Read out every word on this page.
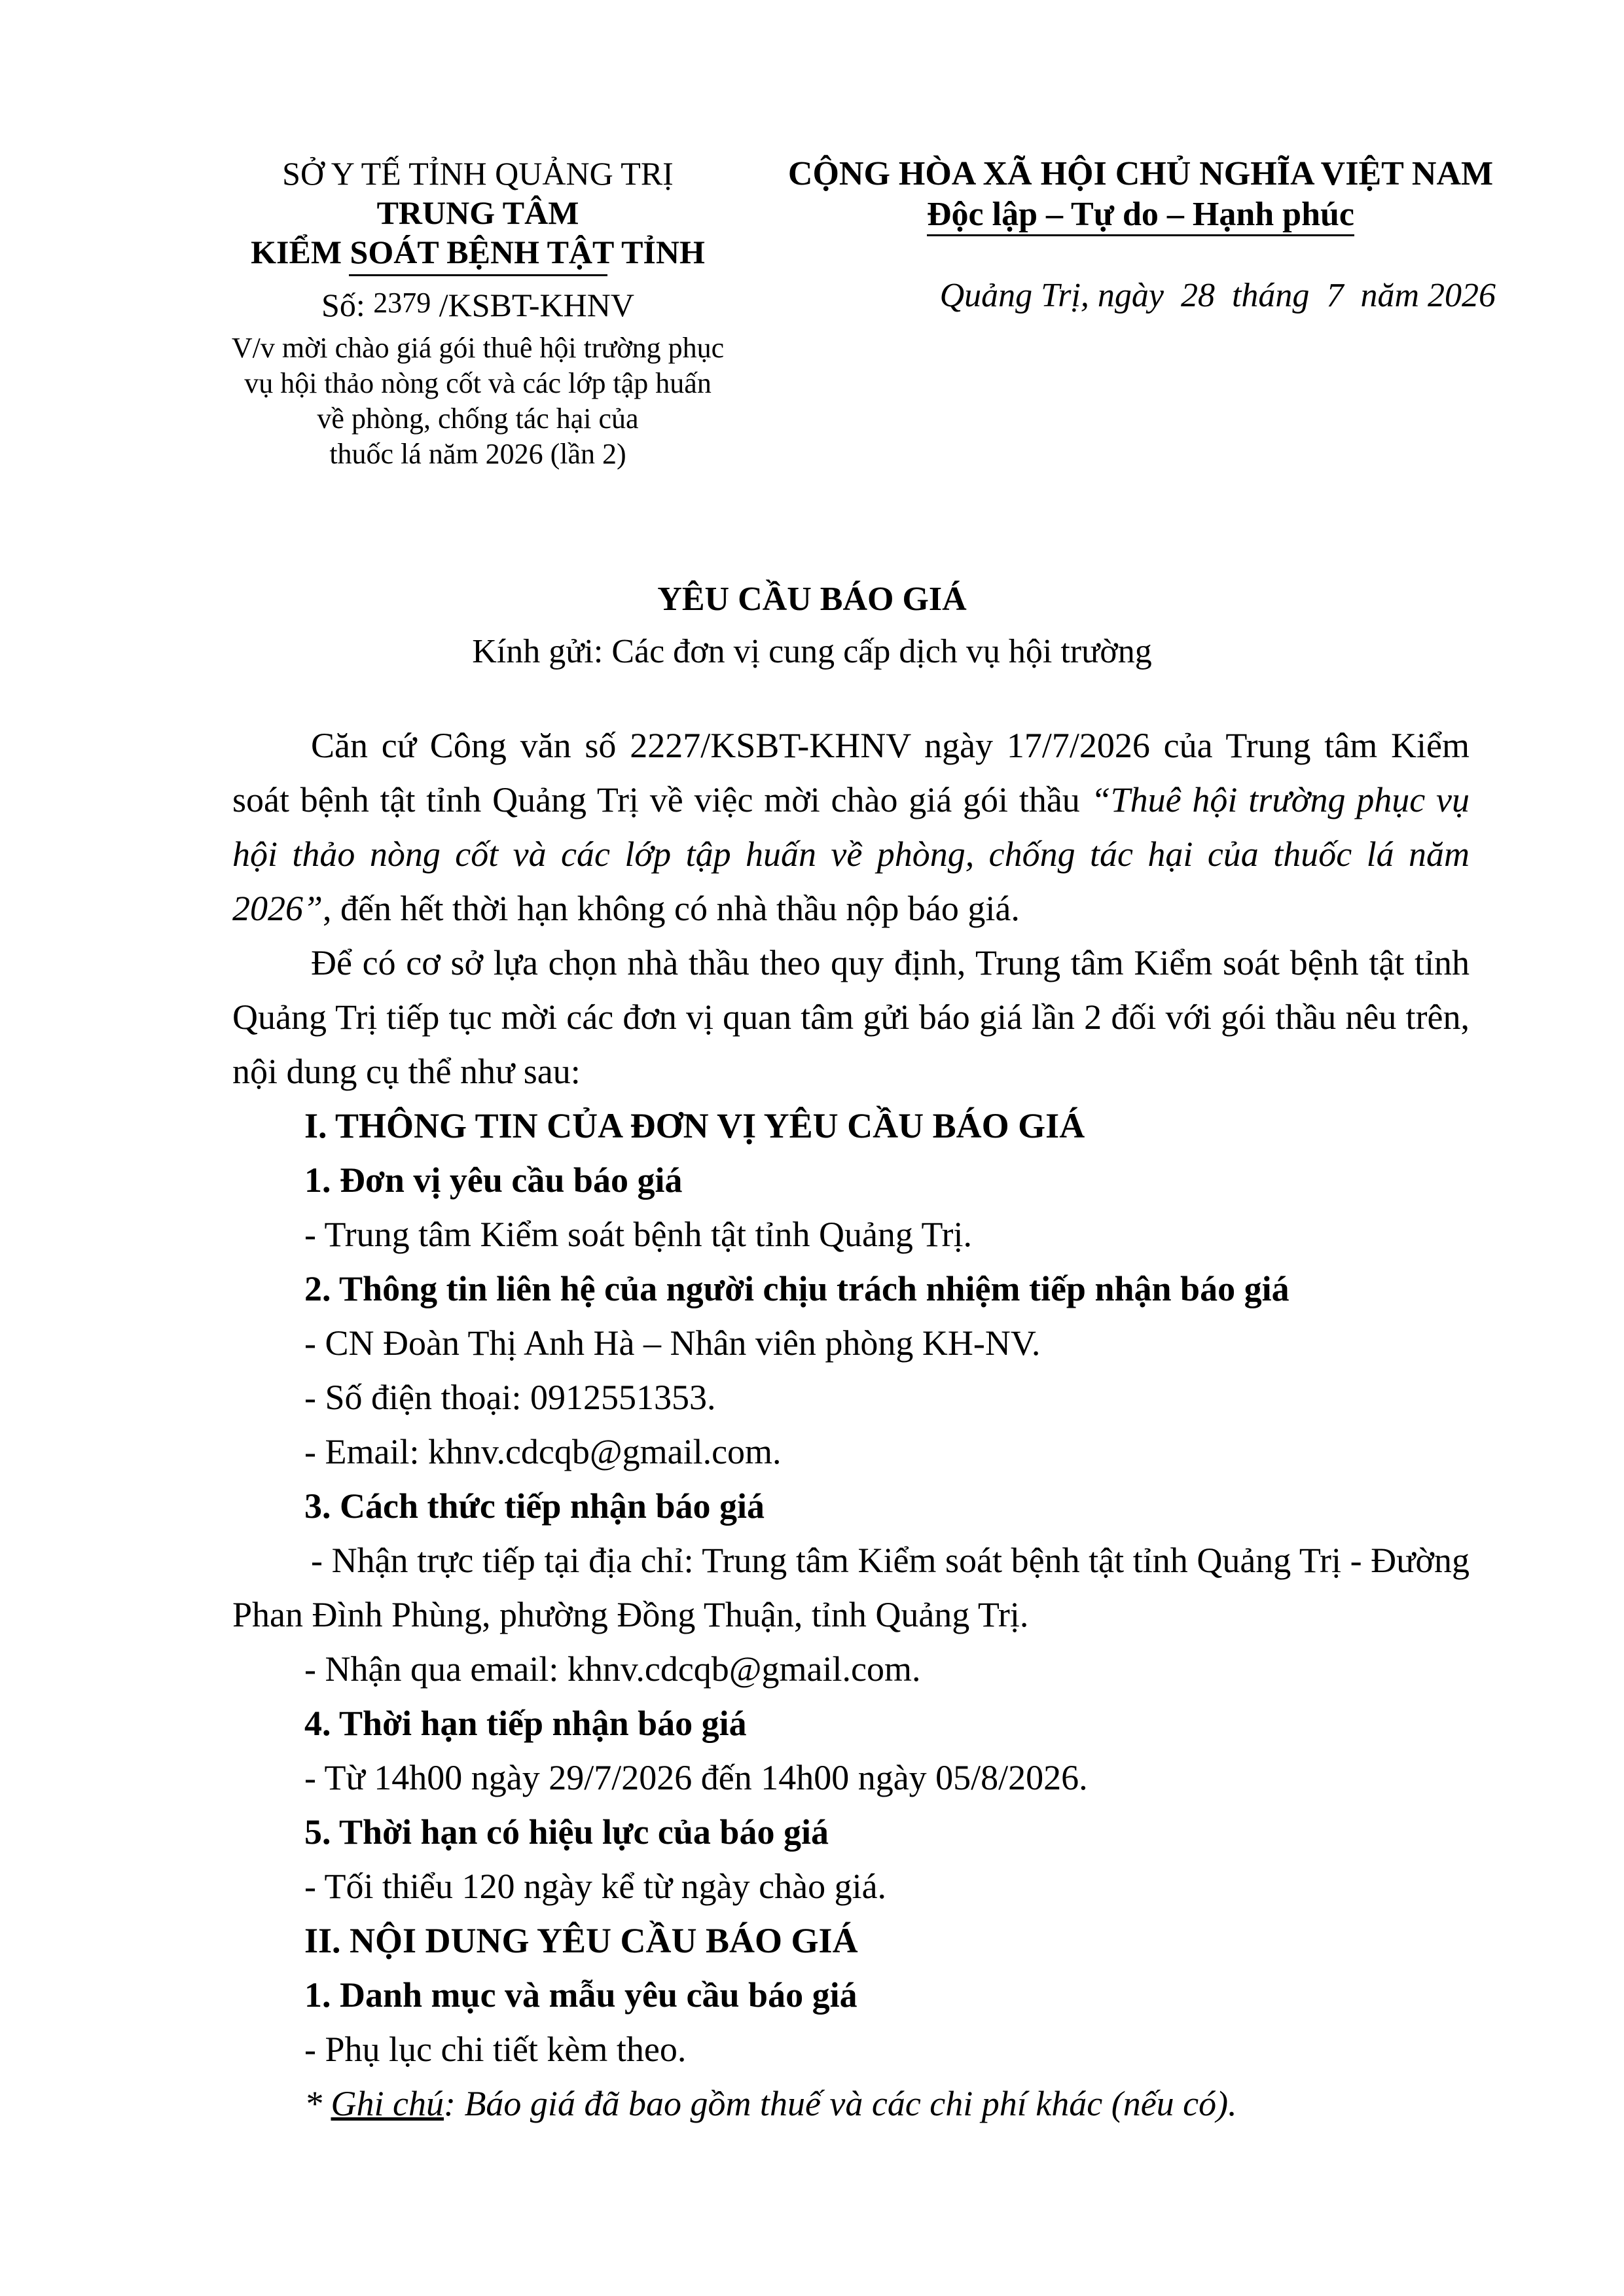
SỞ Y TẾ TỈNH QUẢNG TRỊ
TRUNG TÂM
KIỂM SOÁT BỆNH TẬT TỈNH
Số: 2379 /KSBT-KHNV
V/v mời chào giá gói thuê hội trường phục
vụ hội thảo nòng cốt và các lớp tập huấn
về phòng, chống tác hại của
thuốc lá năm 2026 (lần 2)
CỘNG HÒA XÃ HỘI CHỦ NGHĨA VIỆT NAM
Độc lập – Tự do – Hạnh phúc
Quảng Trị, ngày 28 tháng 7 năm 2026
YÊU CẦU BÁO GIÁ
Kính gửi: Các đơn vị cung cấp dịch vụ hội trường

Căn cứ Công văn số 2227/KSBT-KHNV ngày 17/7/2026 của Trung tâm Kiểm soát bệnh tật tỉnh Quảng Trị về việc mời chào giá gói thầu “Thuê hội trường phục vụ hội thảo nòng cốt và các lớp tập huấn về phòng, chống tác hại của thuốc lá năm 2026”, đến hết thời hạn không có nhà thầu nộp báo giá.

Để có cơ sở lựa chọn nhà thầu theo quy định, Trung tâm Kiểm soát bệnh tật tỉnh Quảng Trị tiếp tục mời các đơn vị quan tâm gửi báo giá lần 2 đối với gói thầu nêu trên, nội dung cụ thể như sau:

I. THÔNG TIN CỦA ĐƠN VỊ YÊU CẦU BÁO GIÁ

1. Đơn vị yêu cầu báo giá

- Trung tâm Kiểm soát bệnh tật tỉnh Quảng Trị.

2. Thông tin liên hệ của người chịu trách nhiệm tiếp nhận báo giá

- CN Đoàn Thị Anh Hà – Nhân viên phòng KH-NV.

- Số điện thoại: 0912551353.

- Email: khnv.cdcqb@gmail.com.

3. Cách thức tiếp nhận báo giá

- Nhận trực tiếp tại địa chỉ: Trung tâm Kiểm soát bệnh tật tỉnh Quảng Trị - Đường Phan Đình Phùng, phường Đồng Thuận, tỉnh Quảng Trị.

- Nhận qua email: khnv.cdcqb@gmail.com.

4. Thời hạn tiếp nhận báo giá

- Từ 14h00 ngày 29/7/2026 đến 14h00 ngày 05/8/2026.

5. Thời hạn có hiệu lực của báo giá

- Tối thiểu 120 ngày kể từ ngày chào giá.

II. NỘI DUNG YÊU CẦU BÁO GIÁ

1. Danh mục và mẫu yêu cầu báo giá

- Phụ lục chi tiết kèm theo.

* Ghi chú: Báo giá đã bao gồm thuế và các chi phí khác (nếu có).
